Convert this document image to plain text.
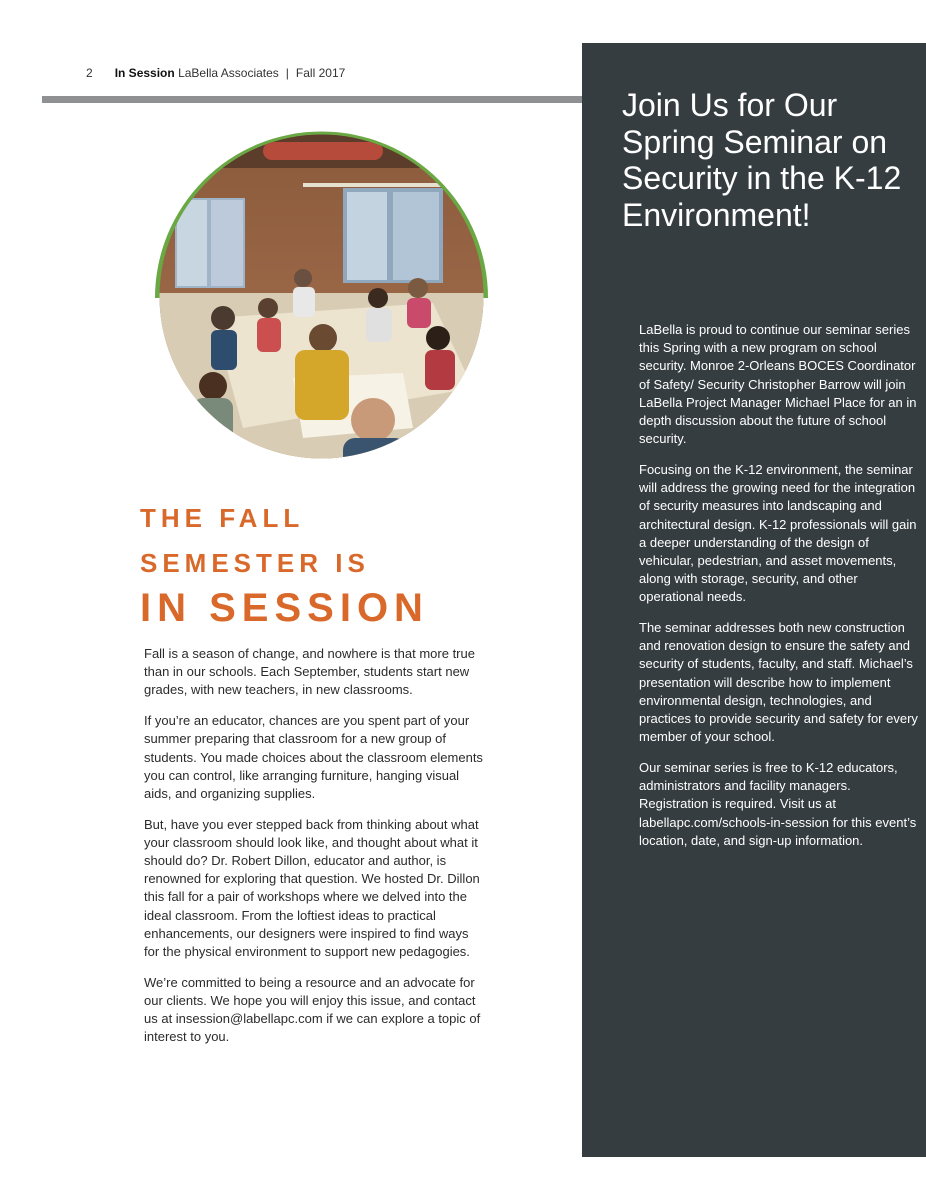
2 In Session LaBella Associates | Fall 2017
THE FALL
SEMESTER IS
IN SESSION

Fall is a season of change, and nowhere is that more true than in our schools. Each September, students start new grades, with new teachers, in new classrooms.

If you’re an educator, chances are you spent part of your summer preparing that classroom for a new group of students. You made choices about the classroom elements you can control, like arranging furniture, hanging visual aids, and organizing supplies.

But, have you ever stepped back from thinking about what your classroom should look like, and thought about what it should do? Dr. Robert Dillon, educator and author, is renowned for exploring that question. We hosted Dr. Dillon this fall for a pair of workshops where we delved into the ideal classroom. From the loftiest ideas to practical enhancements, our designers were inspired to find ways for the physical environment to support new pedagogies.

We’re committed to being a resource and an advocate for our clients. We hope you will enjoy this issue, and contact us at insession@labellapc.com if we can explore a topic of interest to you.

Join Us for Our Spring Seminar on Security in the K-12 Environment!

LaBella is proud to continue our seminar series this Spring with a new program on school security. Monroe 2-Orleans BOCES Coordinator of Safety/ Security Christopher Barrow will join LaBella Project Manager Michael Place for an in depth discussion about the future of school security.

Focusing on the K-12 environment, the seminar will address the growing need for the integration of security measures into landscaping and architectural design. K-12 professionals will gain a deeper understanding of the design of vehicular, pedestrian, and asset movements, along with storage, security, and other operational needs.

The seminar addresses both new construction and renovation design to ensure the safety and security of students, faculty, and staff. Michael’s presentation will describe how to implement environmental design, technologies, and practices to provide security and safety for every member of your school.

Our seminar series is free to K-12 educators, administrators and facility managers. Registration is required. Visit us at labellapc.com/schools-in-session for this event’s location, date, and sign-up information.
